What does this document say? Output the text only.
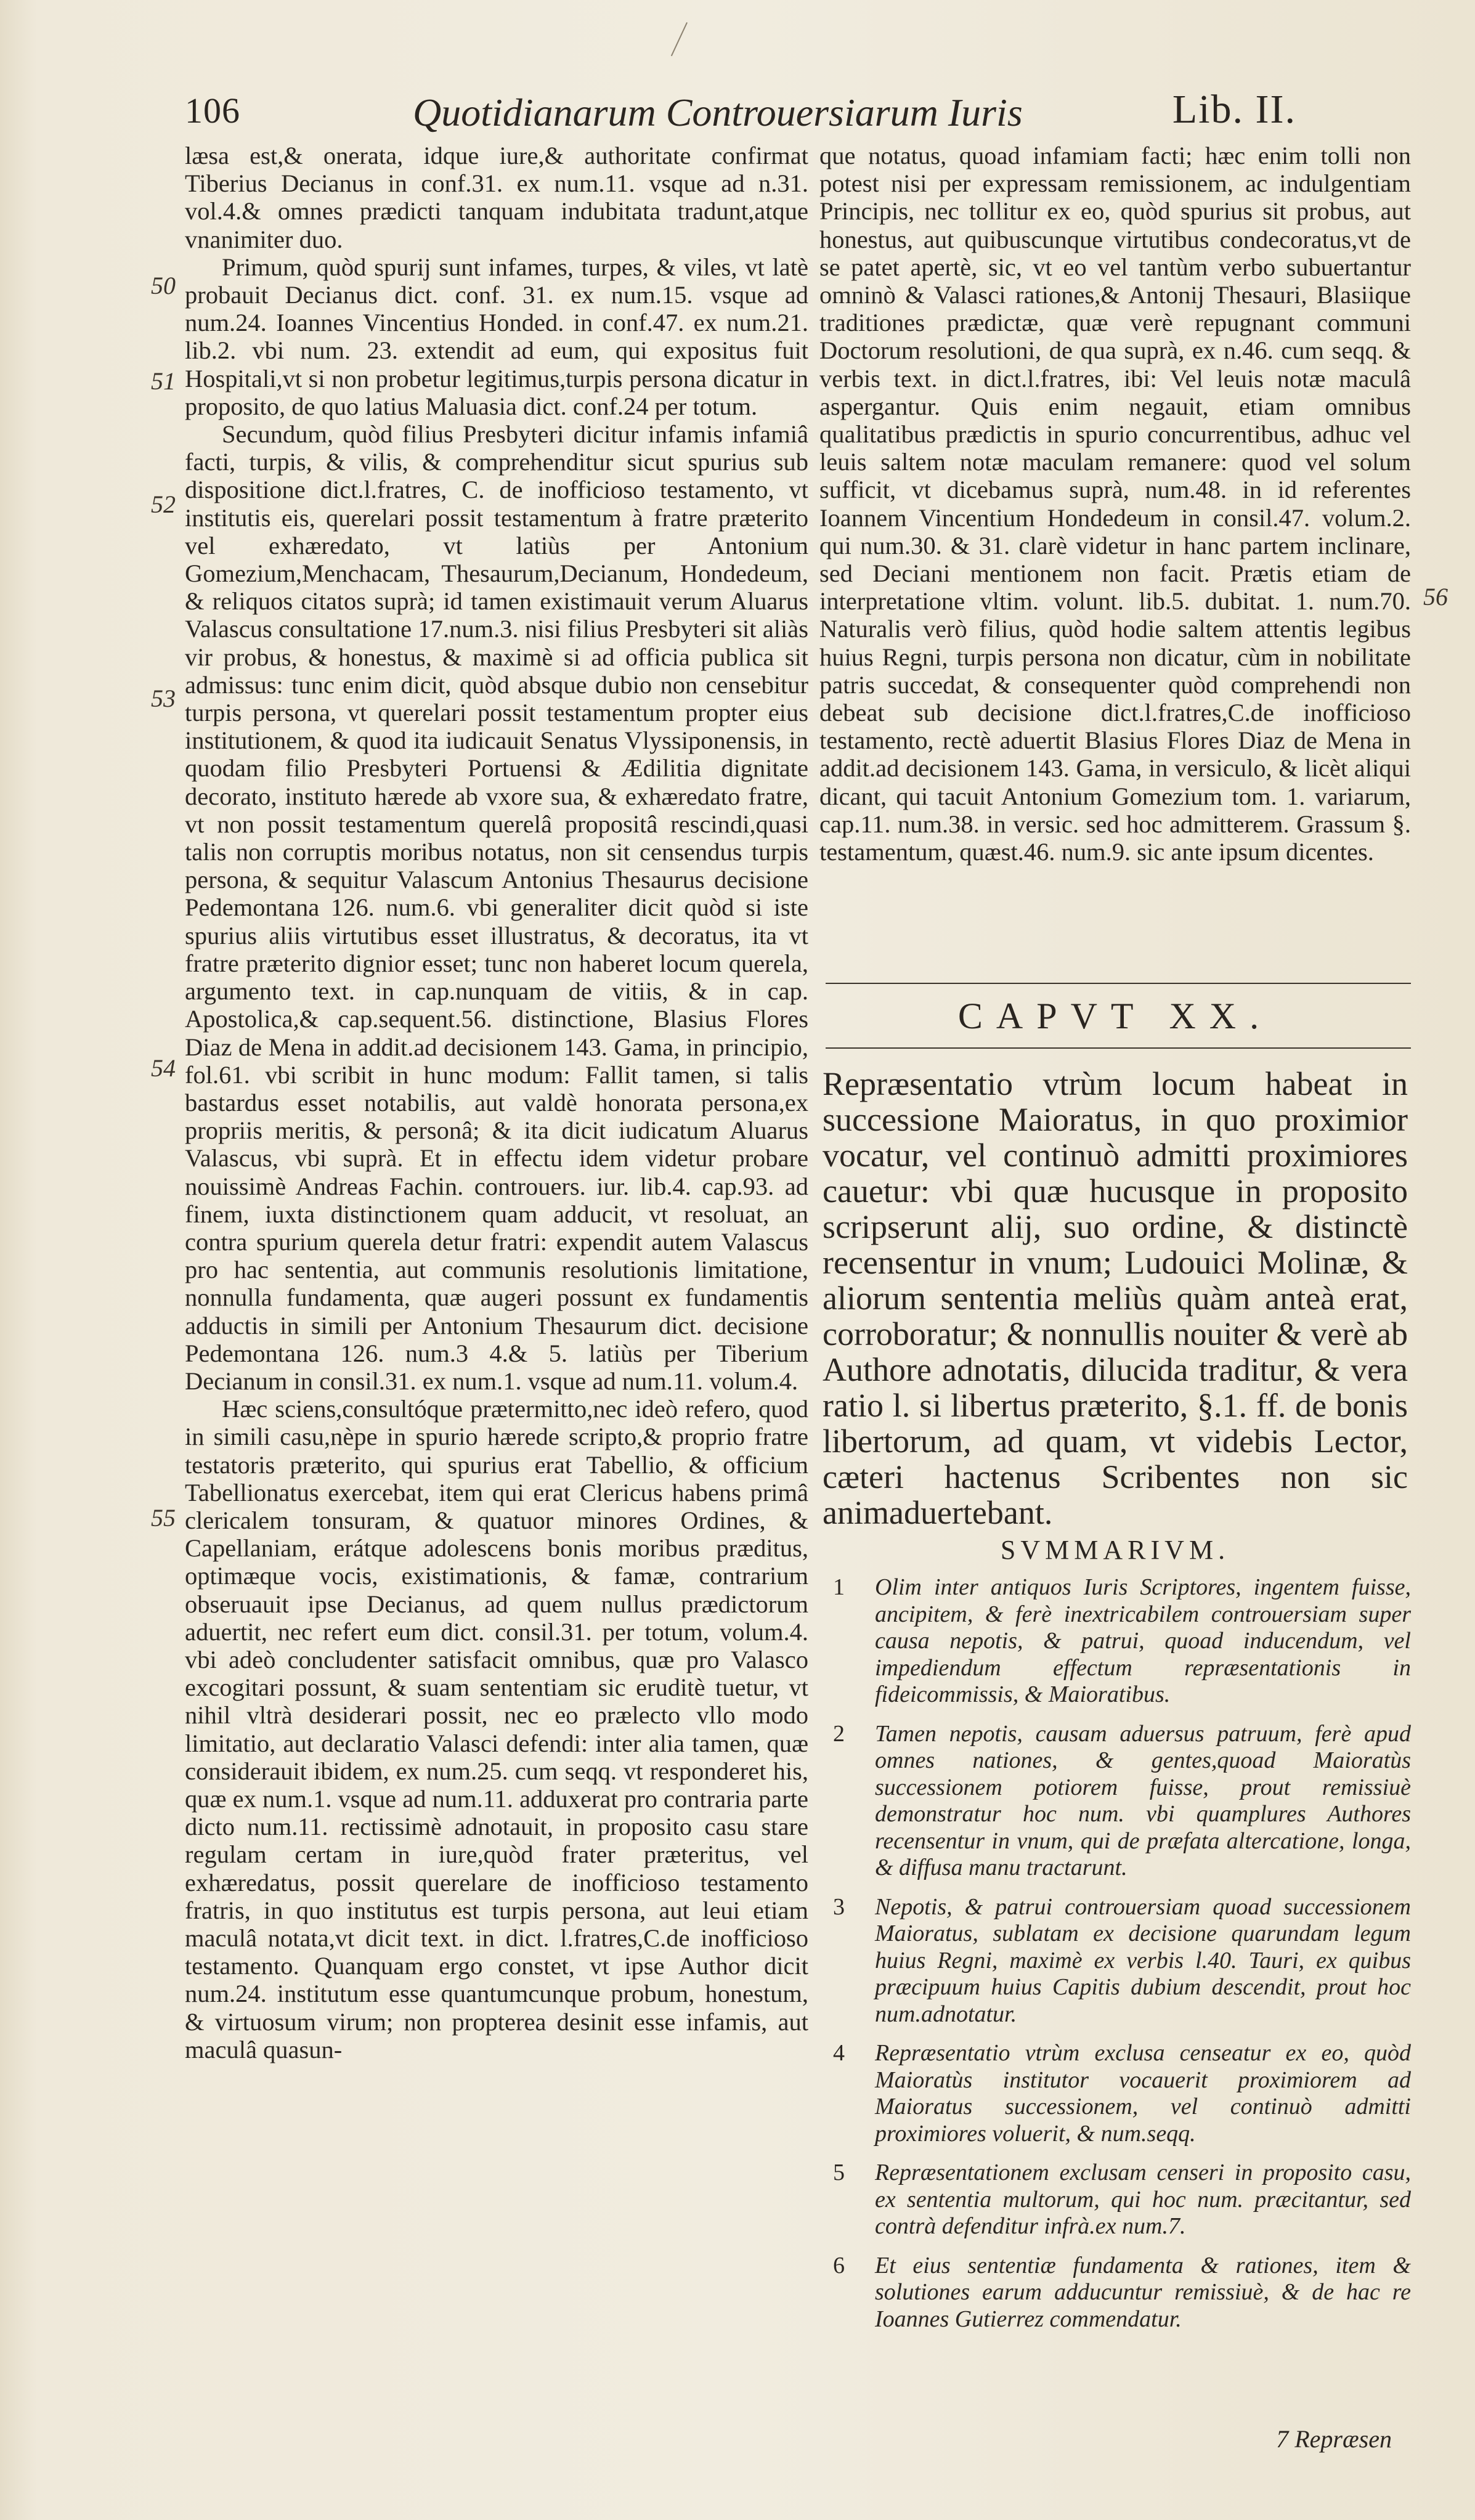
106	Quotidianarum Controuersiarum Iuris	Lib. II.

læsa est,& onerata, idque iure,& authoritate confirmat Tiberius Decianus in conf.31. ex num.11. vsque ad n.31. vol.4.& omnes prædicti tanquam indubitata tradunt,atque vnanimiter duo.

Primum, quòd spurij sunt infames, turpes, & viles, vt latè probauit Decianus dict. conf. 31. ex num.15. vsque ad num.24. Ioannes Vincentius Honded. in conf.47. ex num.21. lib.2. vbi num. 23. extendit ad eum, qui expositus fuit Hospitali,vt si non probetur legitimus,turpis persona dicatur in proposito, de quo latius Maluasia dict. conf.24 per totum.

Secundum, quòd filius Presbyteri dicitur infamis infamiâ facti, turpis, & vilis, & comprehenditur sicut spurius sub dispositione dict.l.fratres, C. de inofficioso testamento, vt institutis eis, querelari possit testamentum à fratre præterito vel exhæredato, vt latiùs per Antonium Gomezium,Menchacam, Thesaurum,Decianum, Hondedeum, & reliquos citatos suprà; id tamen existimauit verum Aluarus Valascus consultatione 17.num.3. nisi filius Presbyteri sit aliàs vir probus, & honestus, & maximè si ad officia publica sit admissus: tunc enim dicit, quòd absque dubio non censebitur turpis persona, vt querelari possit testamentum propter eius institutionem, & quod ita iudicauit Senatus Vlyssiponensis, in quodam filio Presbyteri Portuensi & Ædilitia dignitate decorato, instituto hærede ab vxore sua, & exhæredato fratre, vt non possit testamentum querelâ propositâ rescindi,quasi talis non corruptis moribus notatus, non sit censendus turpis persona, & sequitur Valascum Antonius Thesaurus decisione Pedemontana 126. num.6. vbi generaliter dicit quòd si iste spurius aliis virtutibus esset illustratus, & decoratus, ita vt fratre præterito dignior esset; tunc non haberet locum querela, argumento text. in cap.nunquam de vitiis, & in cap. Apostolica,& cap.sequent.56. distinctione, Blasius Flores Diaz de Mena in addit.ad decisionem 143. Gama, in principio, fol.61. vbi scribit in hunc modum: Fallit tamen, si talis bastardus esset notabilis, aut valdè honorata persona,ex propriis meritis, & personâ; & ita dicit iudicatum Aluarus Valascus, vbi suprà. Et in effectu idem videtur probare nouissimè Andreas Fachin. controuers. iur. lib.4. cap.93. ad finem, iuxta distinctionem quam adducit, vt resoluat, an contra spurium querela detur fratri: expendit autem Valascus pro hac sententia, aut communis resolutionis limitatione, nonnulla fundamenta, quæ augeri possunt ex fundamentis adductis in simili per Antonium Thesaurum dict. decisione Pedemontana 126. num.3 4.& 5. latiùs per Tiberium Decianum in consil.31. ex num.1. vsque ad num.11. volum.4.

Hæc sciens,consultóque prætermitto,nec ideò refero, quod in simili casu,nèpe in spurio hærede scripto,& proprio fratre testatoris præterito, qui spurius erat Tabellio, & officium Tabellionatus exercebat, item qui erat Clericus habens primâ clericalem tonsuram, & quatuor minores Ordines, & Capellaniam, erátque adolescens bonis moribus præditus, optimæque vocis, existimationis, & famæ, contrarium obseruauit ipse Decianus, ad quem nullus prædictorum aduertit, nec refert eum dict. consil.31. per totum, volum.4. vbi adeò concludenter satisfacit omnibus, quæ pro Valasco excogitari possunt, & suam sententiam sic eruditè tuetur, vt nihil vltrà desiderari possit, nec eo prælecto vllo modo limitatio, aut declaratio Valasci defendi: inter alia tamen, quæ considerauit ibidem, ex num.25. cum seqq. vt responderet his, quæ ex num.1. vsque ad num.11. adduxerat pro contraria parte dicto num.11. rectissimè adnotauit, in proposito casu stare regulam certam in iure,quòd frater præteritus, vel exhæredatus, possit querelare de inofficioso testamento fratris, in quo institutus est turpis persona, aut leui etiam maculâ notata,vt dicit text. in dict. l.fratres,C.de inofficioso testamento. Quanquam ergo constet, vt ipse Author dicit num.24. institutum esse quantumcunque probum, honestum, & virtuosum virum; non propterea desinit esse infamis, aut maculâ quasun-

50
51
52
53
54
55

que notatus, quoad infamiam facti; hæc enim tolli non potest nisi per expressam remissionem, ac indulgentiam Principis, nec tollitur ex eo, quòd spurius sit probus, aut honestus, aut quibuscunque virtutibus condecoratus,vt de se patet apertè, sic, vt eo vel tantùm verbo subuertantur omninò & Valasci rationes,& Antonij Thesauri, Blasiique traditiones prædictæ, quæ verè repugnant communi Doctorum resolutioni, de qua suprà, ex n.46. cum seqq. & verbis text. in dict.l.fratres, ibi: Vel leuis notæ maculâ aspergantur. Quis enim negauit, etiam omnibus qualitatibus prædictis in spurio concurrentibus, adhuc vel leuis saltem notæ maculam remanere: quod vel solum sufficit, vt dicebamus suprà, num.48. in id referentes Ioannem Vincentium Hondedeum in consil.47. volum.2. qui num.30. & 31. clarè videtur in hanc partem inclinare, sed Deciani mentionem non facit. Prætis etiam de interpretatione vltim. volunt. lib.5. dubitat. 1. num.70. Naturalis verò filius, quòd hodie saltem attentis legibus huius Regni, turpis persona non dicatur, cùm in nobilitate patris succedat, & consequenter quòd comprehendi non debeat sub decisione dict.l.fratres,C.de inofficioso testamento, rectè aduertit Blasius Flores Diaz de Mena in addit.ad decisionem 143. Gama, in versiculo, & licèt aliqui dicant, qui tacuit Antonium Gomezium tom. 1. variarum, cap.11. num.38. in versic. sed hoc admitterem. Grassum §. testamentum, quæst.46. num.9. sic ante ipsum dicentes.

56
CAPVT XX.
Repræsentatio vtrùm locum habeat in successione Maioratus, in quo proximior vocatur, vel continuò admitti proximiores cauetur: vbi quæ hucusque in proposito scripserunt alij, suo ordine, & distinctè recensentur in vnum; Ludouici Molinæ, & aliorum sententia meliùs quàm anteà erat, corroboratur; & nonnullis nouiter & verè ab Authore adnotatis, dilucida traditur, & vera ratio l. si libertus præterito, §.1. ff. de bonis libertorum, ad quam, vt videbis Lector, cæteri hactenus Scribentes non sic animaduertebant.
SVMMARIVM.
1 Olim inter antiquos Iuris Scriptores, ingentem fuisse, ancipitem, & ferè inextricabilem controuersiam super causa nepotis, & patrui, quoad inducendum, vel impediendum effectum repræsentationis in fideicommissis, & Maioratibus.
2 Tamen nepotis, causam aduersus patruum, ferè apud omnes nationes, & gentes,quoad Maioratùs successionem potiorem fuisse, prout remissiuè demonstratur hoc num. vbi quamplures Authores recensentur in vnum, qui de præfata altercatione, longa, & diffusa manu tractarunt.
3 Nepotis, & patrui controuersiam quoad successionem Maioratus, sublatam ex decisione quarundam legum huius Regni, maximè ex verbis l.40. Tauri, ex quibus præcipuum huius Capitis dubium descendit, prout hoc num.adnotatur.
4 Repræsentatio vtrùm exclusa censeatur ex eo, quòd Maioratùs institutor vocauerit proximiorem ad Maioratus successionem, vel continuò admitti proximiores voluerit, & num.seqq.
5 Repræsentationem exclusam censeri in proposito casu, ex sententia multorum, qui hoc num. præcitantur, sed contrà defenditur infrà.ex num.7.
6 Et eius sententiæ fundamenta & rationes, item & solutiones earum adducuntur remissiuè, & de hac re Ioannes Gutierrez commendatur.
7 Repræsen
